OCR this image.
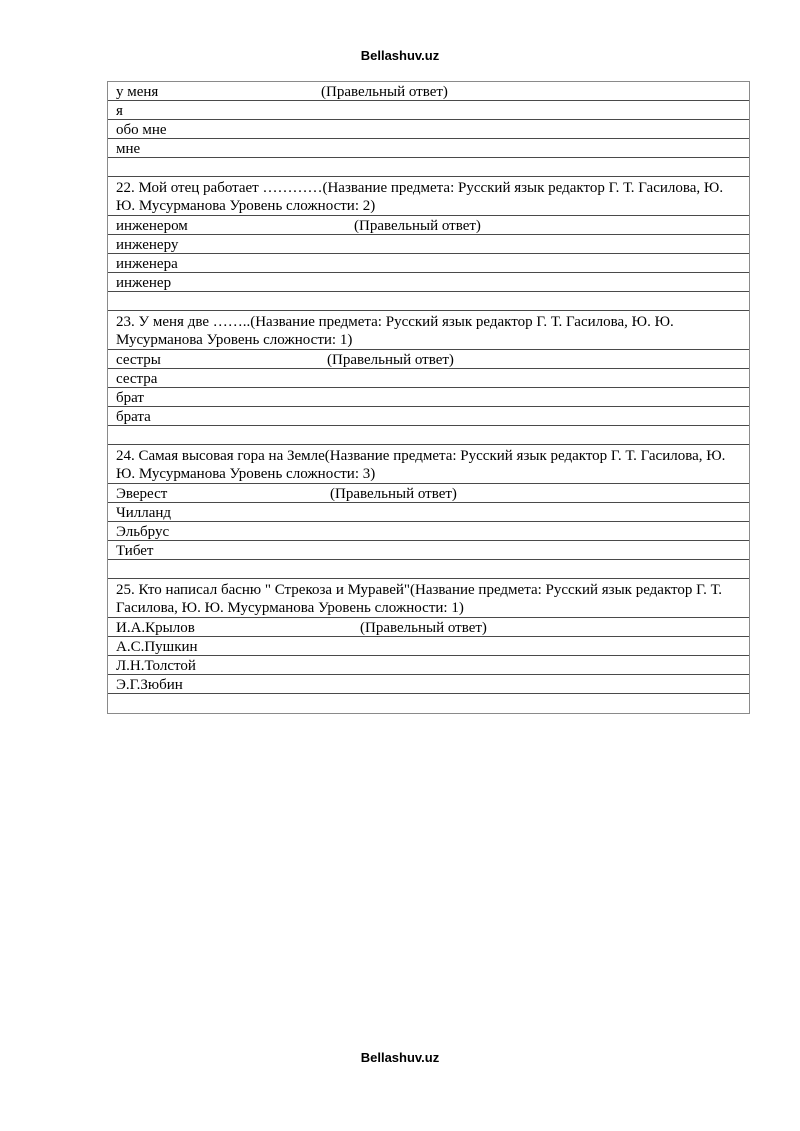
Bellashuv.uz
у меня	(Правельный ответ)
я
обо мне
мне
22. Мой отец работает …………(Название предмета: Русский язык редактор Г. Т. Гасилова, Ю. Ю. Мусурманова Уровень сложности: 2)
инженером	(Правельный ответ)
инженеру
инженера
инженер
23. У меня две ……..(Название предмета: Русский язык редактор Г. Т. Гасилова, Ю. Ю. Мусурманова Уровень сложности: 1)
сестры	(Правельный ответ)
сестра
брат
брата
24. Самая высовая гора на Земле(Название предмета: Русский язык редактор Г. Т. Гасилова, Ю. Ю. Мусурманова Уровень сложности: 3)
Эверест	(Правельный ответ)
Чилланд
Эльбрус
Тибет
25. Кто написал басню " Стрекоза и Муравей"(Название предмета: Русский язык редактор Г. Т. Гасилова, Ю. Ю. Мусурманова Уровень сложности: 1)
И.А.Крылов	(Правельный ответ)
А.С.Пушкин
Л.Н.Толстой
Э.Г.Зюбин
Bellashuv.uz
